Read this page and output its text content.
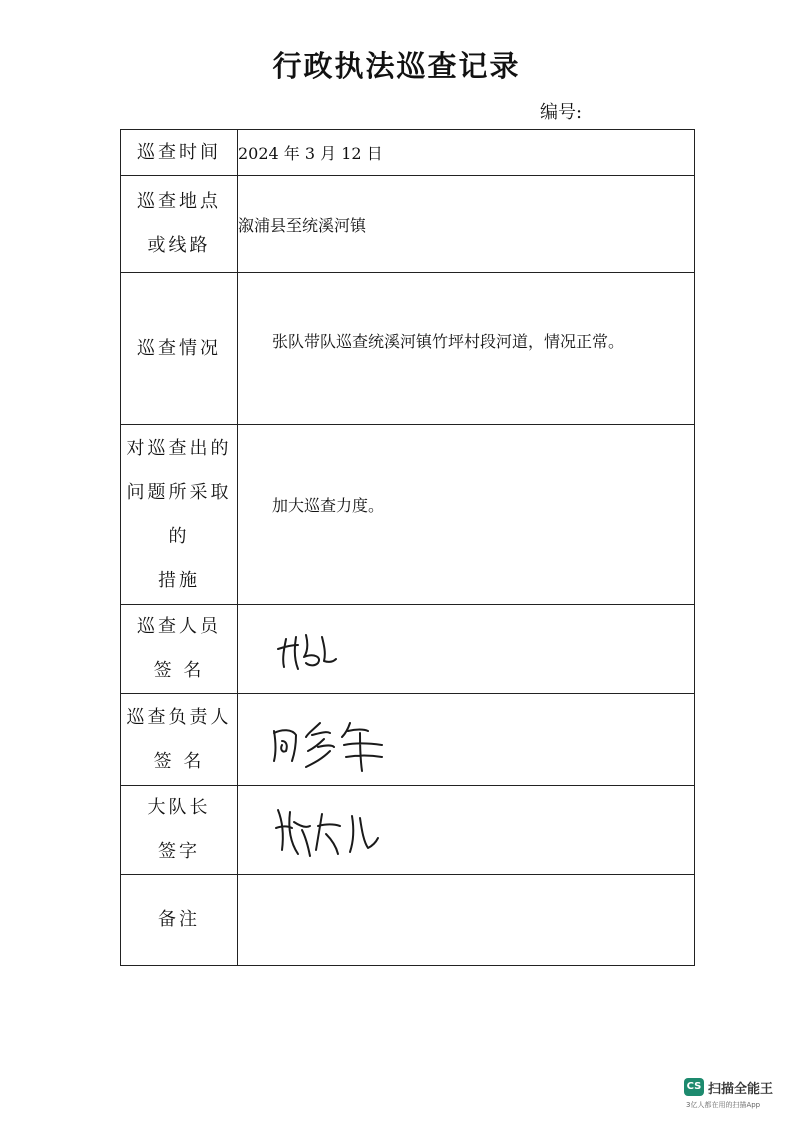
行政执法巡查记录
编号:
巡查时间	2024 年 3 月 12 日

巡查地点
或线路	溆浦县至统溪河镇
巡查情况	张队带队巡查统溪河镇竹坪村段河道，情况正常。

对巡查出的
问题所采取的
措施	加大巡查力度。

巡查人员
签 名

巡查负责人
签 名

大队长
签字

备注	
CS 扫描全能王
3亿人都在用的扫描App
